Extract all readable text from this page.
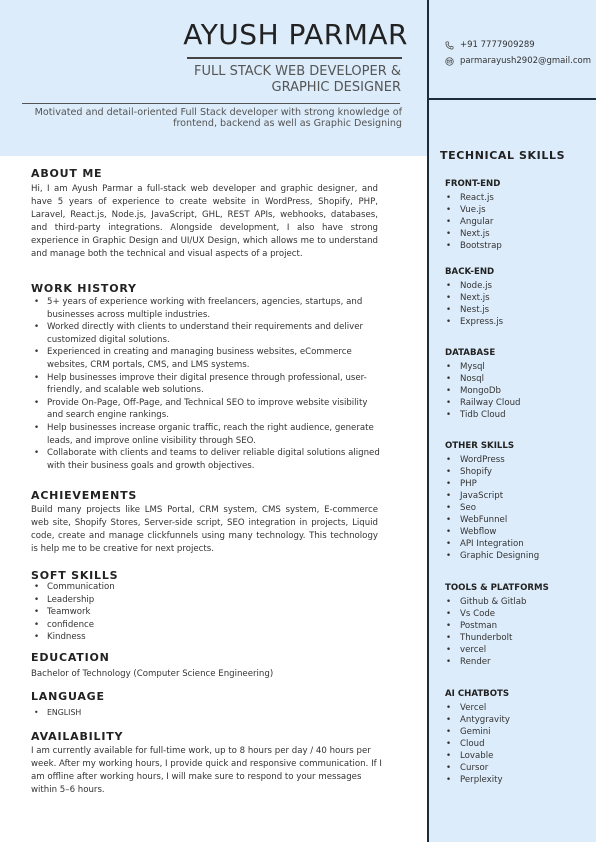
AYUSH PARMAR
FULL STACK WEB DEVELOPER & GRAPHIC DESIGNER
Motivated and detail-oriented Full Stack developer with strong knowledge of frontend, backend as well as Graphic Designing
+91 7777909289
parmarayush2902@gmail.com
TECHNICAL SKILLS
FRONT-END
• React.js
• Vue.js
• Angular
• Next.js
• Bootstrap
BACK-END
• Node.js
• Next.js
• Nest.js
• Express.js
DATABASE
• Mysql
• Nosql
• MongoDb
• Railway Cloud
• Tidb Cloud
OTHER SKILLS
• WordPress
• Shopify
• PHP
• JavaScript
• Seo
• WebFunnel
• Webflow
• API Integration
• Graphic Designing
TOOLS & PLATFORMS
• Github & Gitlab
• Vs Code
• Postman
• Thunderbolt
• vercel
• Render
AI CHATBOTS
• Vercel
• Antygravity
• Gemini
• Cloud
• Lovable
• Cursor
• Perplexity
ABOUT ME
Hi, I am Ayush Parmar a full-stack web developer and graphic designer, and have 5 years of experience to create website in WordPress, Shopify, PHP, Laravel, React.js, Node.js, JavaScript, GHL, REST APIs, webhooks, databases, and third-party integrations. Alongside development, I also have strong experience in Graphic Design and UI/UX Design, which allows me to understand and manage both the technical and visual aspects of a project.
WORK HISTORY
• 5+ years of experience working with freelancers, agencies, startups, and businesses across multiple industries.
• Worked directly with clients to understand their requirements and deliver customized digital solutions.
• Experienced in creating and managing business websites, eCommerce websites, CRM portals, CMS, and LMS systems.
• Help businesses improve their digital presence through professional, user-friendly, and scalable web solutions.
• Provide On-Page, Off-Page, and Technical SEO to improve website visibility and search engine rankings.
• Help businesses increase organic traffic, reach the right audience, generate leads, and improve online visibility through SEO.
• Collaborate with clients and teams to deliver reliable digital solutions aligned with their business goals and growth objectives.
ACHIEVEMENTS
Build many projects like LMS Portal, CRM system, CMS system, E-commerce web site, Shopify Stores, Server-side script, SEO integration in projects, Liquid code, create and manage clickfunnels using many technology. This technology is help me to be creative for next projects.
SOFT SKILLS
• Communication
• Leadership
• Teamwork
• confidence
• Kindness
EDUCATION
Bachelor of Technology (Computer Science Engineering)
LANGUAGE
• ENGLISH
AVAILABILITY
I am currently available for full-time work, up to 8 hours per day / 40 hours per week. After my working hours, I provide quick and responsive communication. If I am offline after working hours, I will make sure to respond to your messages within 5–6 hours.
